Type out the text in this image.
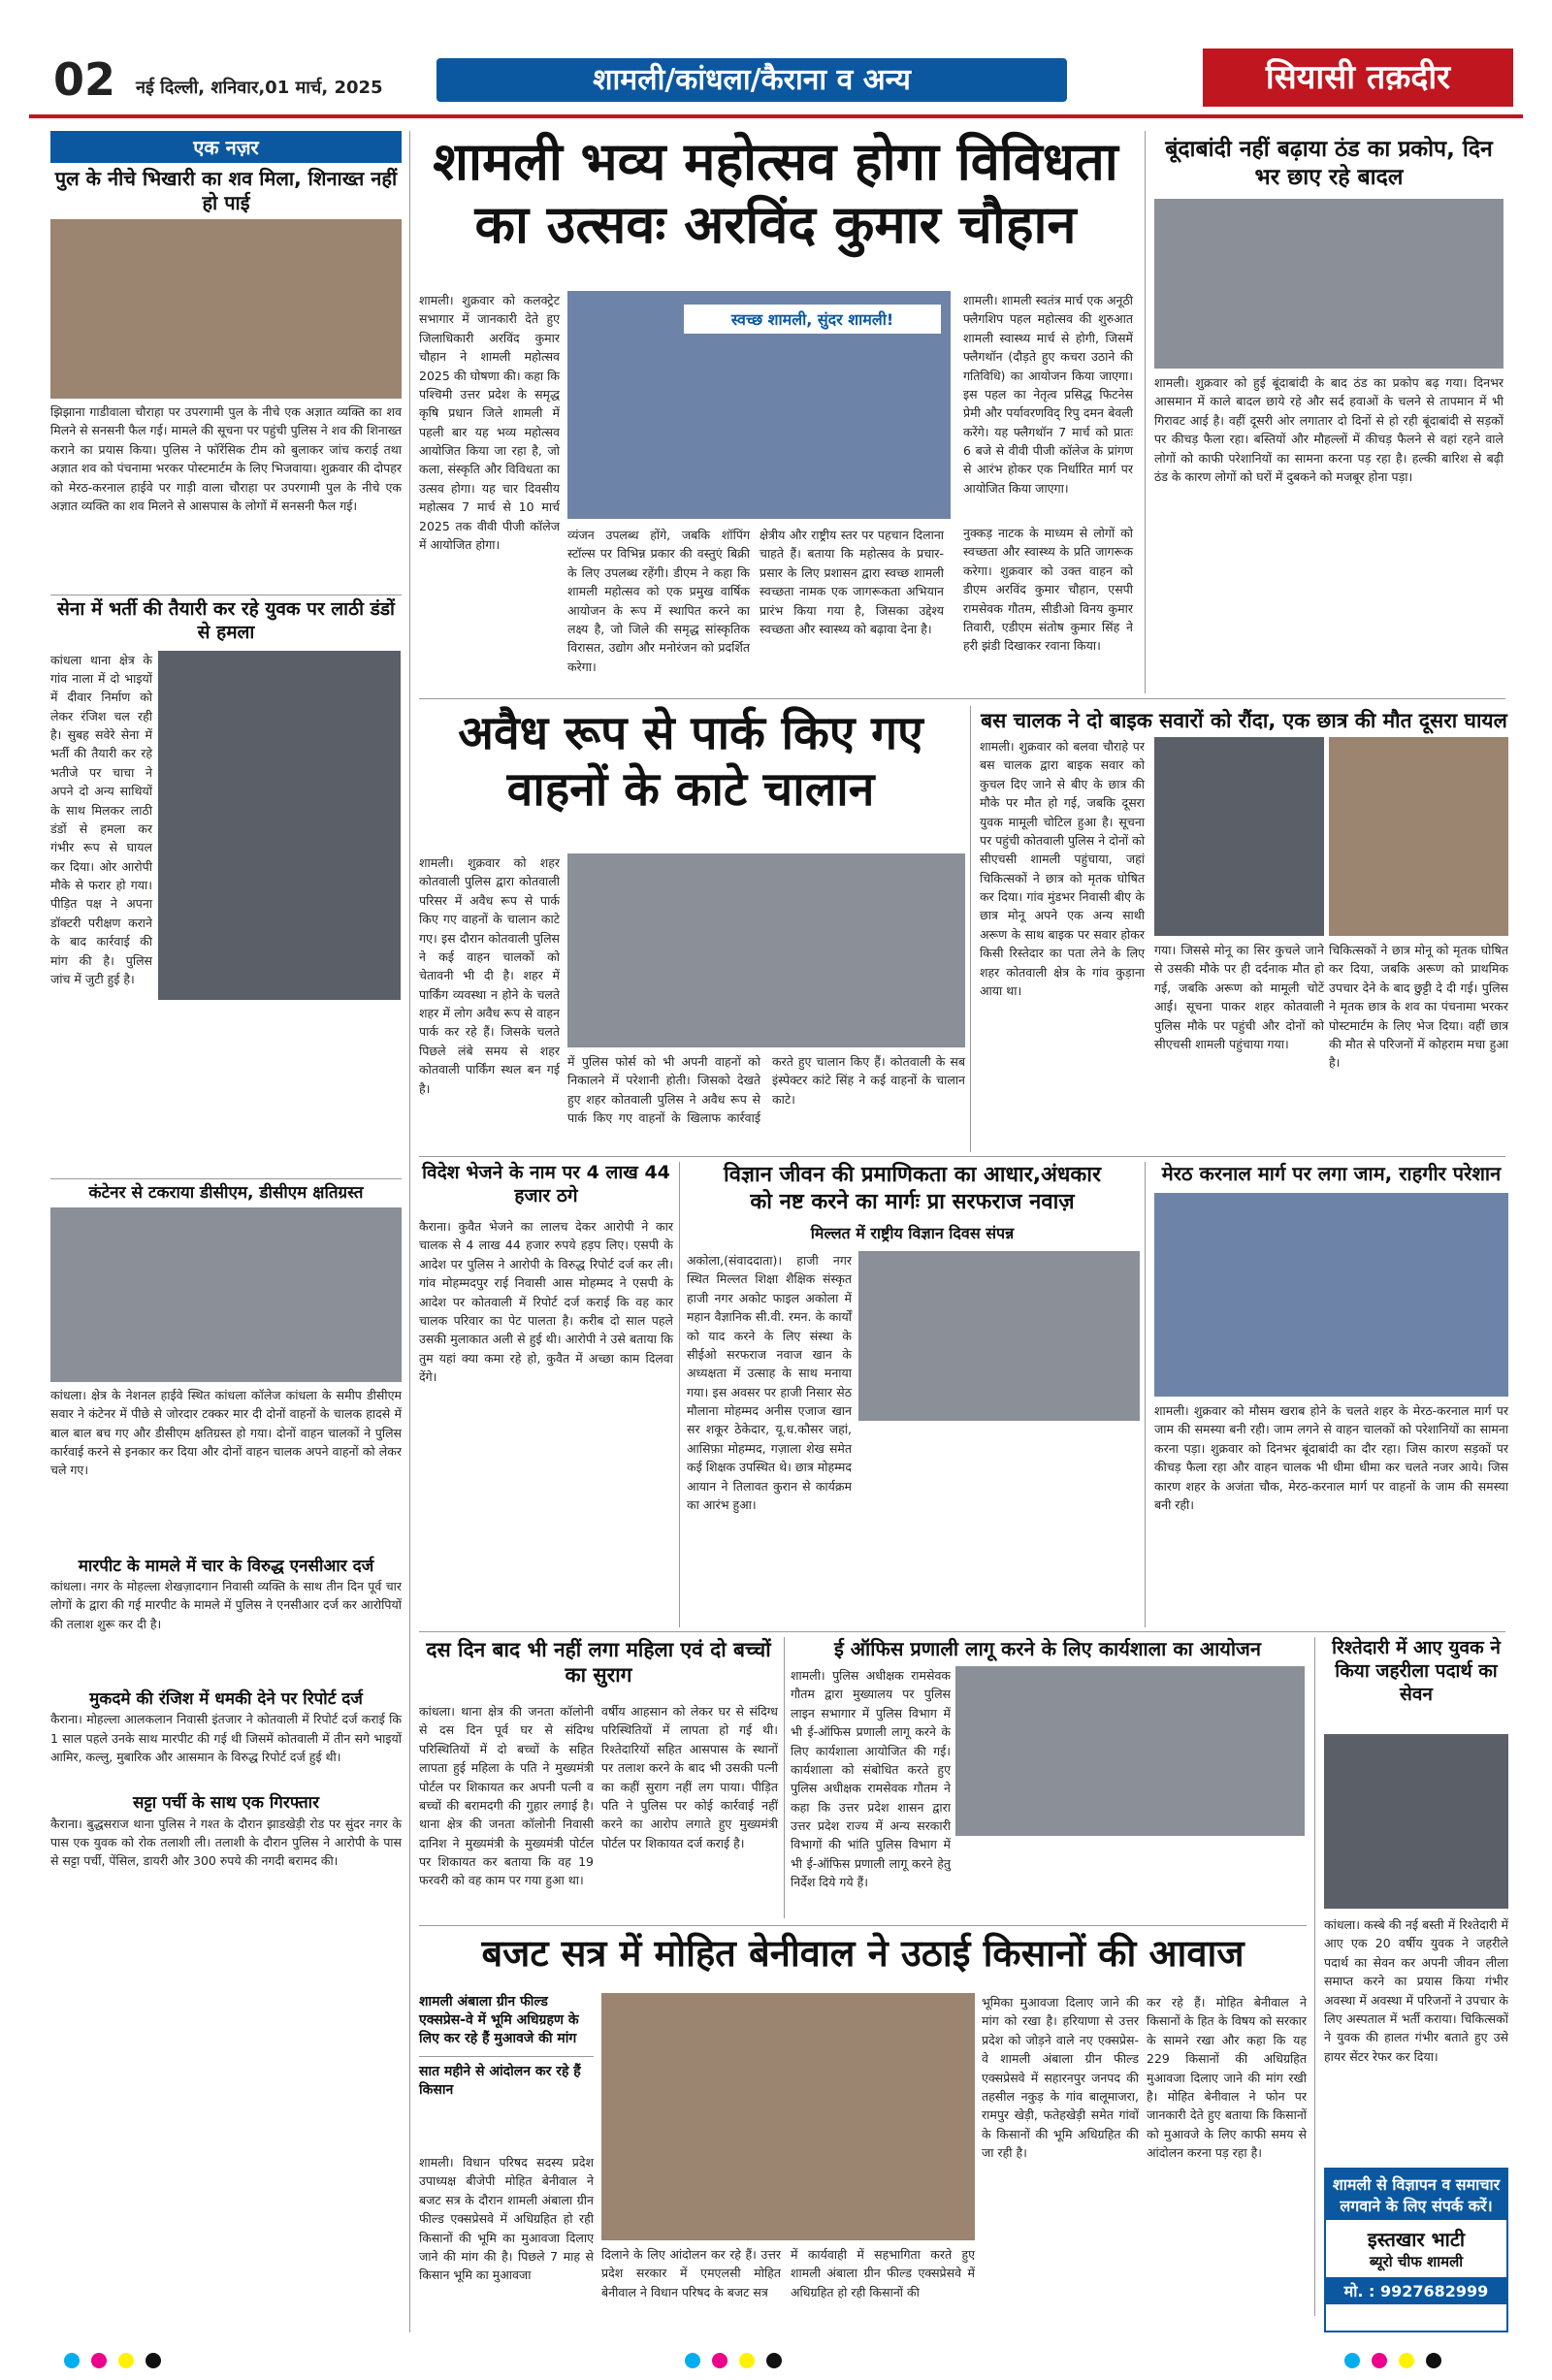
02	नई दिल्ली, शनिवार,01 मार्च, 2025	शामली/कांधला/कैराना व अन्य	सियासी तक़दीर
एक नज़र
पुल के नीचे भिखारी का शव मिला, शिनाख्त नहीं हो पाई
झिझाना गाडीवाला चौराहा पर उपरगामी पुल के नीचे एक अज्ञात व्यक्ति का शव मिलने से सनसनी फैल गई। मामले की सूचना पर पहुंची पुलिस ने शव की शिनाख्त कराने का प्रयास किया। पुलिस ने फॉरेंसिक टीम को बुलाकर जांच कराई तथा अज्ञात शव को पंचनामा भरकर पोस्टमार्टम के लिए भिजवाया। शुक्रवार की दोपहर को मेरठ-करनाल हाईवे पर गाड़ी वाला चौराहा पर उपरगामी पुल के नीचे एक अज्ञात व्यक्ति का शव मिलने से आसपास के लोगों में सनसनी फैल गई।
सेना में भर्ती की तैयारी कर रहे युवक पर लाठी डंडों से हमला
कांधला थाना क्षेत्र के गांव नाला में दो भाइयों में दीवार निर्माण को लेकर रंजिश चल रही है। सुबह सवेरे सेना में भर्ती की तैयारी कर रहे भतीजे पर चाचा ने अपने दो अन्य साथियों के साथ मिलकर लाठी डंडों से हमला कर गंभीर रूप से घायल कर दिया। ओर आरोपी मौके से फरार हो गया। पीड़ित पक्ष ने अपना डॉक्टरी परीक्षण कराने के बाद कार्रवाई की मांग की है। पुलिस जांच में जुटी हुई है।
कंटेनर से टकराया डीसीएम, डीसीएम क्षतिग्रस्त
कांधला। क्षेत्र के नेशनल हाईवे स्थित कांधला कॉलेज कांधला के समीप डीसीएम सवार ने कंटेनर में पीछे से जोरदार टक्कर मार दी दोनों वाहनों के चालक हादसे में बाल बाल बच गए और डीसीएम क्षतिग्रस्त हो गया। दोनों वाहन चालकों ने पुलिस कार्रवाई करने से इनकार कर दिया और दोनों वाहन चालक अपने वाहनों को लेकर चले गए।
मारपीट के मामले में चार के विरुद्ध एनसीआर दर्ज
कांधला। नगर के मोहल्ला शेखज़ादगान निवासी व्यक्ति के साथ तीन दिन पूर्व चार लोगों के द्वारा की गई मारपीट के मामले में पुलिस ने एनसीआर दर्ज कर आरोपियों की तलाश शुरू कर दी है।
मुकदमे की रंजिश में धमकी देने पर रिपोर्ट दर्ज
कैराना। मोहल्ला आलकलान निवासी इंतजार ने कोतवाली में रिपोर्ट दर्ज कराई कि 1 साल पहले उनके साथ मारपीट की गई थी जिसमें कोतवाली में तीन सगे भाइयों आमिर, कल्लु, मुबारिक और आसमान के विरुद्ध रिपोर्ट दर्ज हुई थी।
सट्टा पर्ची के साथ एक गिरफ्तार
कैराना। बुद्धसराज थाना पुलिस ने गश्त के दौरान झाडखेड़ी रोड पर सुंदर नगर के पास एक युवक को रोक तलाशी ली। तलाशी के दौरान पुलिस ने आरोपी के पास से सट्टा पर्ची, पेंसिल, डायरी और 300 रुपये की नगदी बरामद की।
शामली भव्य महोत्सव होगा विविधता
का उत्सवः अरविंद कुमार चौहान
शामली। शुक्रवार को कलक्ट्रेट सभागार में जानकारी देते हुए जिलाधिकारी अरविंद कुमार चौहान ने शामली महोत्सव 2025 की घोषणा की। कहा कि पश्चिमी उत्तर प्रदेश के समृद्ध कृषि प्रधान जिले शामली में पहली बार यह भव्य महोत्सव आयोजित किया जा रहा है, जो कला, संस्कृति और विविधता का उत्सव होगा। यह चार दिवसीय महोत्सव 7 मार्च से 10 मार्च 2025 तक वीवी पीजी कॉलेज में आयोजित होगा।
स्वच्छ शामली, सुंदर शामली!
व्यंजन उपलब्ध होंगे, जबकि शॉपिंग स्टॉल्स पर विभिन्न प्रकार की वस्तुएं बिक्री के लिए उपलब्ध रहेंगी। डीएम ने कहा कि शामली महोत्सव को एक प्रमुख वार्षिक आयोजन के रूप में स्थापित करने का लक्ष्य है, जो जिले की समृद्ध सांस्कृतिक विरासत, उद्योग और मनोरंजन को प्रदर्शित करेगा।
क्षेत्रीय और राष्ट्रीय स्तर पर पहचान दिलाना चाहते हैं। बताया कि महोत्सव के प्रचार-प्रसार के लिए प्रशासन द्वारा स्वच्छ शामली स्वच्छता नामक एक जागरूकता अभियान प्रारंभ किया गया है, जिसका उद्देश्य स्वच्छता और स्वास्थ्य को बढ़ावा देना है।
शामली। शामली स्वतंत्र मार्च एक अनूठी फ्लैगशिप पहल महोत्सव की शुरुआत शामली स्वास्थ्य मार्च से होगी, जिसमें फ्लैगथॉन (दौड़ते हुए कचरा उठाने की गतिविधि) का आयोजन किया जाएगा। इस पहल का नेतृत्व प्रसिद्ध फिटनेस प्रेमी और पर्यावरणविद् रिपु दमन बेवली करेंगे। यह फ्लैगथॉन 7 मार्च को प्रातः 6 बजे से वीवी पीजी कॉलेज के प्रांगण से आरंभ होकर एक निर्धारित मार्ग पर आयोजित किया जाएगा।
नुक्कड़ नाटक के माध्यम से लोगों को स्वच्छता और स्वास्थ्य के प्रति जागरूक करेगा। शुक्रवार को उक्त वाहन को डीएम अरविंद कुमार चौहान, एसपी रामसेवक गौतम, सीडीओ विनय कुमार तिवारी, एडीएम संतोष कुमार सिंह ने हरी झंडी दिखाकर रवाना किया।
बूंदाबांदी नहीं बढ़ाया ठंड का प्रकोप, दिन भर छाए रहे बादल
शामली। शुक्रवार को हुई बूंदाबांदी के बाद ठंड का प्रकोप बढ़ गया। दिनभर आसमान में काले बादल छाये रहे और सर्द हवाओं के चलने से तापमान में भी गिरावट आई है। वहीं दूसरी ओर लगातार दो दिनों से हो रही बूंदाबांदी से सड़कों पर कीचड़ फैला रहा। बस्तियों और मौहल्लों में कीचड़ फैलने से वहां रहने वाले लोगों को काफी परेशानियों का सामना करना पड़ रहा है। हल्की बारिश से बढ़ी ठंड के कारण लोगों को घरों में दुबकने को मजबूर होना पड़ा।
अवैध रूप से पार्क किए गए
वाहनों के काटे चालान
शामली। शुक्रवार को शहर कोतवाली पुलिस द्वारा कोतवाली परिसर में अवैध रूप से पार्क किए गए वाहनों के चालान काटे गए। इस दौरान कोतवाली पुलिस ने कई वाहन चालकों को चेतावनी भी दी है। शहर में पार्किंग व्यवस्था न होने के चलते शहर में लोग अवैध रूप से वाहन पार्क कर रहे हैं। जिसके चलते पिछले लंबे समय से शहर कोतवाली पार्किंग स्थल बन गई है।
में पुलिस फोर्स को भी अपनी वाहनों को निकालने में परेशानी होती। जिसको देखते हुए शहर कोतवाली पुलिस ने अवैध रूप से पार्क किए गए वाहनों के खिलाफ कार्रवाई करते हुए चालान किए हैं। कोतवाली के सब इंस्पेक्टर कांटे सिंह ने कई वाहनों के चालान काटे।
बस चालक ने दो बाइक सवारों को रौंदा, एक छात्र की मौत दूसरा घायल
शामली। शुक्रवार को बलवा चौराहे पर बस चालक द्वारा बाइक सवार को कुचल दिए जाने से बीए के छात्र की मौके पर मौत हो गई, जबकि दूसरा युवक मामूली चोटिल हुआ है। सूचना पर पहुंची कोतवाली पुलिस ने दोनों को सीएचसी शामली पहुंचाया, जहां चिकित्सकों ने छात्र को मृतक घोषित कर दिया। गांव मुंडभर निवासी बीए के छात्र मोनू अपने एक अन्य साथी अरूण के साथ बाइक पर सवार होकर किसी रिस्तेदार का पता लेने के लिए शहर कोतवाली क्षेत्र के गांव कुड़ाना आया था।
गया। जिससे मोनू का सिर कुचले जाने से उसकी मौके पर ही दर्दनाक मौत हो गई, जबकि अरूण को मामूली चोटें आई। सूचना पाकर शहर कोतवाली पुलिस मौके पर पहुंची और दोनों को सीएचसी शामली पहुंचाया गया।
चिकित्सकों ने छात्र मोनू को मृतक घोषित कर दिया, जबकि अरूण को प्राथमिक उपचार देने के बाद छुट्टी दे दी गई। पुलिस ने मृतक छात्र के शव का पंचनामा भरकर पोस्टमार्टम के लिए भेज दिया। वहीं छात्र की मौत से परिजनों में कोहराम मचा हुआ है।
विदेश भेजने के नाम पर 4 लाख 44 हजार ठगे
कैराना। कुवैत भेजने का लालच देकर आरोपी ने कार चालक से 4 लाख 44 हजार रुपये हड़प लिए। एसपी के आदेश पर पुलिस ने आरोपी के विरुद्ध रिपोर्ट दर्ज कर ली। गांव मोहम्मदपुर राई निवासी आस मोहम्मद ने एसपी के आदेश पर कोतवाली में रिपोर्ट दर्ज कराई कि वह कार चालक परिवार का पेट पालता है। करीब दो साल पहले उसकी मुलाकात अली से हुई थी। आरोपी ने उसे बताया कि तुम यहां क्या कमा रहे हो, कुवैत में अच्छा काम दिलवा देंगे।
विज्ञान जीवन की प्रमाणिकता का आधार,अंधकार
को नष्ट करने का मार्गः प्रा सरफराज नवाज़
मिल्लत में राष्ट्रीय विज्ञान दिवस संपन्न
अकोला,(संवाददाता)। हाजी नगर स्थित मिल्लत शिक्षा शैक्षिक संस्कृत हाजी नगर अकोट फाइल अकोला में महान वैज्ञानिक सी.वी. रमन. के कार्यों को याद करने के लिए संस्था के सीईओ सरफराज नवाज खान के अध्यक्षता में उत्साह के साथ मनाया गया। इस अवसर पर हाजी निसार सेठ मौलाना मोहम्मद अनीस एजाज खान सर शकूर ठेकेदार, यू.ध.कौसर जहां, आसिफ़ा मोहम्मद, गज़ाला शेख समेत कई शिक्षक उपस्थित थे। छात्र मोहम्मद आयान ने तिलावत कुरान से कार्यक्रम का आरंभ हुआ।
मेरठ करनाल मार्ग पर लगा जाम, राहगीर परेशान
शामली। शुक्रवार को मौसम खराब होने के चलते शहर के मेरठ-करनाल मार्ग पर जाम की समस्या बनी रही। जाम लगने से वाहन चालकों को परेशानियों का सामना करना पड़ा। शुक्रवार को दिनभर बूंदाबांदी का दौर रहा। जिस कारण सड़कों पर कीचड़ फैला रहा और वाहन चालक भी धीमा धीमा कर चलते नजर आये। जिस कारण शहर के अजंता चौक, मेरठ-करनाल मार्ग पर वाहनों के जाम की समस्या बनी रही।
दस दिन बाद भी नहीं लगा महिला एवं दो बच्चों का सुराग
कांधला। थाना क्षेत्र की जनता कॉलोनी से दस दिन पूर्व घर से संदिग्ध परिस्थितियों में दो बच्चों के सहित लापता हुई महिला के पति ने मुख्यमंत्री पोर्टल पर शिकायत कर अपनी पत्नी व बच्चों की बरामदगी की गुहार लगाई है। थाना क्षेत्र की जनता कॉलोनी निवासी दानिश ने मुख्यमंत्री के मुख्यमंत्री पोर्टल पर शिकायत कर बताया कि वह 19 फरवरी को वह काम पर गया हुआ था।
वर्षीय आहसान को लेकर घर से संदिग्ध परिस्थितियों में लापता हो गई थी। रिश्तेदारियों सहित आसपास के स्थानों पर तलाश करने के बाद भी उसकी पत्नी का कहीं सुराग नहीं लग पाया। पीड़ित पति ने पुलिस पर कोई कार्रवाई नहीं करने का आरोप लगाते हुए मुख्यमंत्री पोर्टल पर शिकायत दर्ज कराई है।
ई ऑफिस प्रणाली लागू करने के लिए कार्यशाला का आयोजन
शामली। पुलिस अधीक्षक रामसेवक गौतम द्वारा मुख्यालय पर पुलिस लाइन सभागार में पुलिस विभाग में भी ई-ऑफिस प्रणाली लागू करने के लिए कार्यशाला आयोजित की गई। कार्यशाला को संबोधित करते हुए पुलिस अधीक्षक रामसेवक गौतम ने कहा कि उत्तर प्रदेश शासन द्वारा उत्तर प्रदेश राज्य में अन्य सरकारी विभागों की भांति पुलिस विभाग में भी ई-ऑफिस प्रणाली लागू करने हेतु निर्देश दिये गये हैं।
रिश्तेदारी में आए युवक ने किया जहरीला पदार्थ का सेवन
कांधला। कस्बे की नई बस्ती में रिश्तेदारी में आए एक 20 वर्षीय युवक ने जहरीले पदार्थ का सेवन कर अपनी जीवन लीला समाप्त करने का प्रयास किया गंभीर अवस्था में अवस्था में परिजनों ने उपचार के लिए अस्पताल में भर्ती कराया। चिकित्सकों ने युवक की हालत गंभीर बताते हुए उसे हायर सेंटर रेफर कर दिया।
शामली से विज्ञापन व समाचार लगवाने के लिए संपर्क करें।
इस्तखार भाटी
ब्यूरो चीफ शामली
मो. : 9927682999
बजट सत्र में मोहित बेनीवाल ने उठाई किसानों की आवाज
शामली अंबाला ग्रीन फील्ड एक्सप्रेस-वे में भूमि अधिग्रहण के लिए कर रहे हैं मुआवजे की मांग
सात महीने से आंदोलन कर रहे हैं किसान
शामली। विधान परिषद सदस्य प्रदेश उपाध्यक्ष बीजेपी मोहित बेनीवाल ने बजट सत्र के दौरान शामली अंबाला ग्रीन फील्ड एक्सप्रेसवे में अधिग्रहित हो रही किसानों की भूमि का मुआवजा दिलाए जाने की मांग की है। पिछले 7 माह से किसान भूमि का मुआवजा
दिलाने के लिए आंदोलन कर रहे हैं। उत्तर प्रदेश सरकार में एमएलसी मोहित बेनीवाल ने विधान परिषद के बजट सत्र
में कार्यवाही में सहभागिता करते हुए शामली अंबाला ग्रीन फील्ड एक्सप्रेसवे में अधिग्रहित हो रही किसानों की
भूमिका मुआवजा दिलाए जाने की मांग को रखा है। हरियाणा से उत्तर प्रदेश को जोड़ने वाले नए एक्सप्रेस-वे शामली अंबाला ग्रीन फील्ड एक्सप्रेसवे में सहारनपुर जनपद की तहसील नकुड़ के गांव बालूमाजरा, रामपुर खेड़ी, फतेहखेड़ी समेत गांवों के किसानों की भूमि अधिग्रहित की जा रही है।
कर रहे हैं। मोहित बेनीवाल ने किसानों के हित के विषय को सरकार के सामने रखा और कहा कि यह 229 किसानों की अधिग्रहित मुआवजा दिलाए जाने की मांग रखी है। मोहित बेनीवाल ने फोन पर जानकारी देते हुए बताया कि किसानों को मुआवजे के लिए काफी समय से आंदोलन करना पड़ रहा है।
